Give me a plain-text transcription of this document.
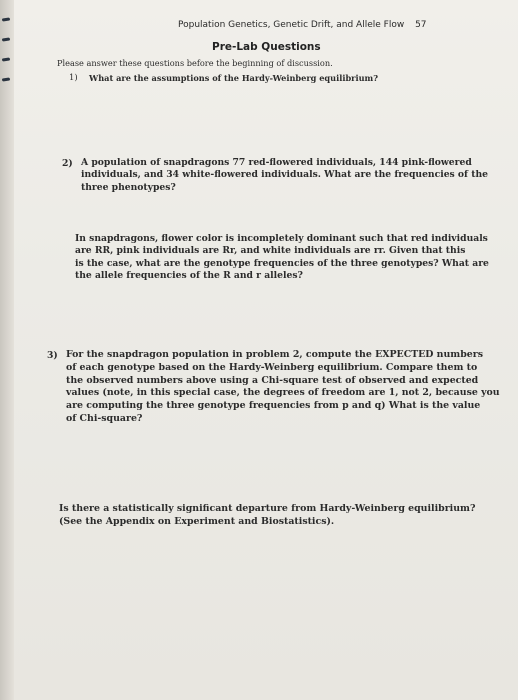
Population Genetics, Genetic Drift, and Allele Flow 57
Pre-Lab Questions
Please answer these questions before the beginning of discussion.
1) What are the assumptions of the Hardy-Weinberg equilibrium?
2) A population of snapdragons 77 red-flowered individuals, 144 pink-flowered
individuals, and 34 white-flowered individuals. What are the frequencies of the
three phenotypes?
In snapdragons, flower color is incompletely dominant such that red individuals
are RR, pink individuals are Rr, and white individuals are rr. Given that this
is the case, what are the genotype frequencies of the three genotypes? What are
the allele frequencies of the R and r alleles?
3) For the snapdragon population in problem 2, compute the EXPECTED numbers
of each genotype based on the Hardy-Weinberg equilibrium. Compare them to
the observed numbers above using a Chi-square test of observed and expected
values (note, in this special case, the degrees of freedom are 1, not 2, because you
are computing the three genotype frequencies from p and q) What is the value
of Chi-square?
Is there a statistically significant departure from Hardy-Weinberg equilibrium?
(See the Appendix on Experiment and Biostatistics).
